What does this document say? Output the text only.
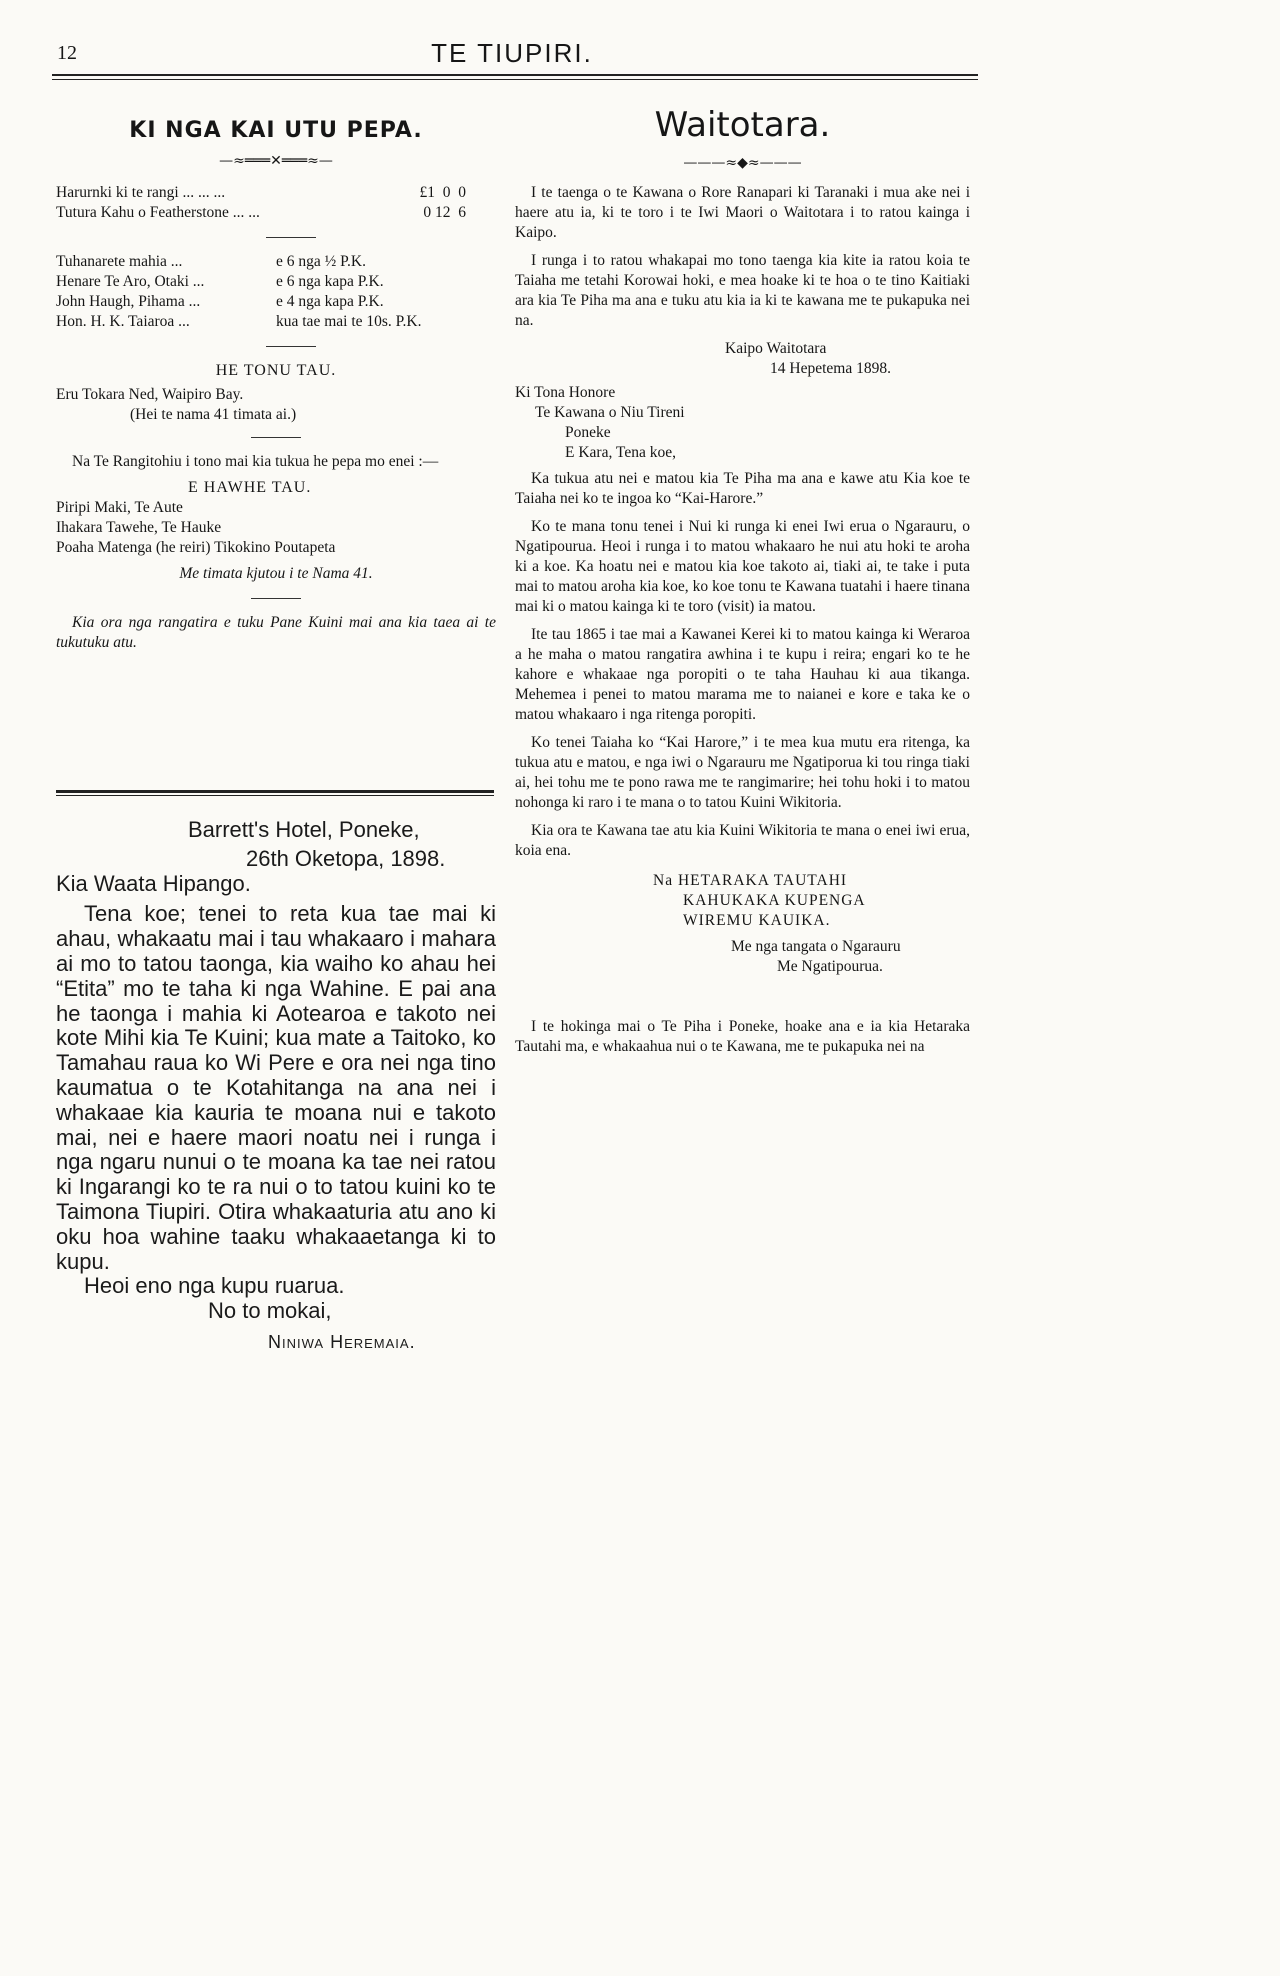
12	TE TIUPIRI.
KI NGA KAI UTU PEPA.
—≈═══✕═══≈—
Harurnki ki te rangi ... ... ...	£1  0  0
Tutura Kahu o Featherstone ... ...	0 12  6
Tuhanarete mahia ...	e 6 nga ½ P.K.
Henare Te Aro, Otaki ...	e 6 nga kapa P.K.
John Haugh, Pihama ...	e 4 nga kapa P.K.
Hon. H. K. Taiaroa ...	kua tae mai te 10s. P.K.
HE TONU TAU.
Eru Tokara Ned, Waipiro Bay.
(Hei te nama 41 timata ai.)
Na Te Rangitohiu i tono mai kia tukua he pepa mo enei :—
E HAWHE TAU.
Piripi Maki, Te Aute
Ihakara Tawehe, Te Hauke
Poaha Matenga (he reiri) Tikokino Poutapeta
Me timata kjutou i te Nama 41.
Kia ora nga rangatira e tuku Pane Kuini mai ana kia taea ai te tukutuku atu.

Barrett's Hotel, Poneke,

26th Oketopa, 1898.

Kia Waata Hipango.

Tena koe; tenei to reta kua tae mai ki ahau, whakaatu mai i tau whakaaro i mahara ai mo to tatou taonga, kia waiho ko ahau hei “Etita” mo te taha ki nga Wahine. E pai ana he taonga i mahia ki Aotearoa e takoto nei kote Mihi kia Te Kuini; kua mate a Taitoko, ko Tamahau raua ko Wi Pere e ora nei nga tino kaumatua o te Kotahitanga na ana nei i whakaae kia kauria te moana nui e takoto mai, nei e haere maori noatu nei i runga i nga ngaru nunui o te moana ka tae nei ratou ki Ingarangi ko te ra nui o to tatou kuini ko te Taimona Tiupiri. Otira whakaaturia atu ano ki oku hoa wahine taaku whakaaetanga ki to kupu.

Heoi eno nga kupu ruarua.

No to mokai,

Niniwa Heremaia.

Waitotara.
———≈◆≈———

I te taenga o te Kawana o Rore Ranapari ki Taranaki i mua ake nei i haere atu ia, ki te toro i te Iwi Maori o Waitotara i to ratou kainga i Kaipo.

I runga i to ratou whakapai mo tono taenga kia kite ia ratou koia te Taiaha me tetahi Korowai hoki, e mea hoake ki te hoa o te tino Kaitiaki ara kia Te Piha ma ana e tuku atu kia ia ki te kawana me te pukapuka nei na.

Kaipo Waitotara
14 Hepetema 1898.
Ki Tona Honore
Te Kawana o Niu Tireni
Poneke
E Kara, Tena koe,

Ka tukua atu nei e matou kia Te Piha ma ana e kawe atu Kia koe te Taiaha nei ko te ingoa ko “Kai-Harore.”

Ko te mana tonu tenei i Nui ki runga ki enei Iwi erua o Ngarauru, o Ngatipourua. Heoi i runga i to matou whakaaro he nui atu hoki te aroha ki a koe. Ka hoatu nei e matou kia koe takoto ai, tiaki ai, te take i puta mai to matou aroha kia koe, ko koe tonu te Kawana tuatahi i haere tinana mai ki o matou kainga ki te toro (visit) ia matou.

Ite tau 1865 i tae mai a Kawanei Kerei ki to matou kainga ki Weraroa a he maha o matou rangatira awhina i te kupu i reira; engari ko te he kahore e whakaae nga poropiti o te taha Hauhau ki aua tikanga. Mehemea i penei to matou marama me to naianei e kore e taka ke o matou whakaaro i nga ritenga poropiti.

Ko tenei Taiaha ko “Kai Harore,” i te mea kua mutu era ritenga, ka tukua atu e matou, e nga iwi o Ngarauru me Ngatiporua ki tou ringa tiaki ai, hei tohu me te pono rawa me te rangimarire; hei tohu hoki i to matou nohonga ki raro i te mana o to tatou Kuini Wikitoria.

Kia ora te Kawana tae atu kia Kuini Wikitoria te mana o enei iwi erua, koia ena.

Na HETARAKA TAUTAHI
KAHUKAKA KUPENGA
WIREMU KAUIKA.
Me nga tangata o Ngarauru
Me Ngatipourua.

I te hokinga mai o Te Piha i Poneke, hoake ana e ia kia Hetaraka Tautahi ma, e whakaahua nui o te Kawana, me te pukapuka nei na
